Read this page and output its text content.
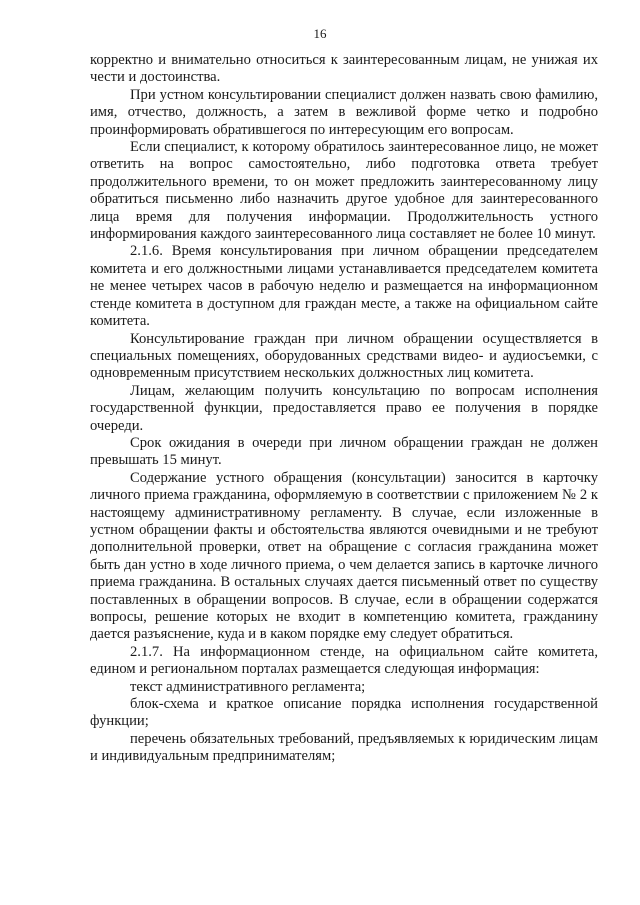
16

корректно и внимательно относиться к заинтересованным лицам, не унижая их чести и достоинства.

При устном консультировании специалист должен назвать свою фамилию, имя, отчество, должность, а затем в вежливой форме четко и подробно проинформировать обратившегося по интересующим его вопросам.

Если специалист, к которому обратилось заинтересованное лицо, не может ответить на вопрос самостоятельно, либо подготовка ответа требует продолжительного времени, то он может предложить заинтересованному лицу обратиться письменно либо назначить другое удобное для заинтересованного лица время для получения информации. Продолжительность устного информирования каждого заинтересованного лица составляет не более 10 минут.

2.1.6. Время консультирования при личном обращении председателем комитета и его должностными лицами устанавливается председателем комитета не менее четырех часов в рабочую неделю и размещается на информационном стенде комитета в доступном для граждан месте, а также на официальном сайте комитета.

Консультирование граждан при личном обращении осуществляется в специальных помещениях, оборудованных средствами видео- и аудиосъемки, с одновременным присутствием нескольких должностных лиц комитета.

Лицам, желающим получить консультацию по вопросам исполнения государственной функции, предоставляется право ее получения в порядке очереди.

Срок ожидания в очереди при личном обращении граждан не должен превышать 15 минут.

Содержание устного обращения (консультации) заносится в карточку личного приема гражданина, оформляемую в соответствии с приложением № 2 к настоящему административному регламенту. В случае, если изложенные в устном обращении факты и обстоятельства являются очевидными и не требуют дополнительной проверки, ответ на обращение с согласия гражданина может быть дан устно в ходе личного приема, о чем делается запись в карточке личного приема гражданина. В остальных случаях дается письменный ответ по существу поставленных в обращении вопросов. В случае, если в обращении содержатся вопросы, решение которых не входит в компетенцию комитета, гражданину дается разъяснение, куда и в каком порядке ему следует обратиться.

2.1.7. На информационном стенде, на официальном сайте комитета, едином и региональном порталах размещается следующая информация:

текст административного регламента;

блок-схема и краткое описание порядка исполнения государственной функции;

перечень обязательных требований, предъявляемых к юридическим лицам и индивидуальным предпринимателям;
